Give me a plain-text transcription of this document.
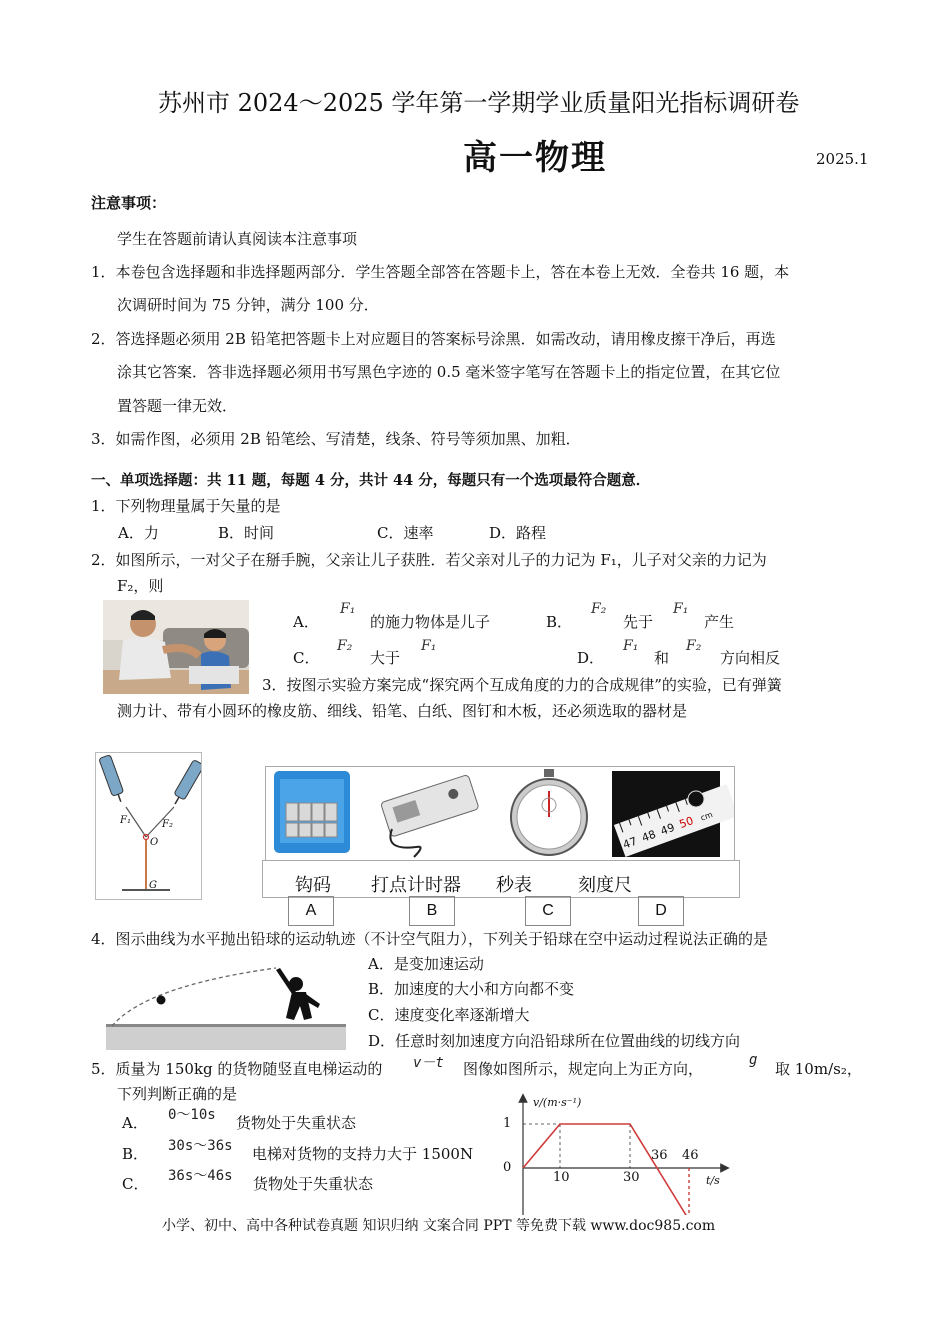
苏州市 2024～2025 学年第一学期学业质量阳光指标调研卷
高一物理	2025.1
注意事项：
学生在答题前请认真阅读本注意事项
1．本卷包含选择题和非选择题两部分．学生答题全部答在答题卡上，答在本卷上无效．全卷共 16 题，本
次调研时间为 75 分钟，满分 100 分．
2．答选择题必须用 2B 铅笔把答题卡上对应题目的答案标号涂黑．如需改动，请用橡皮擦干净后，再选
涂其它答案．答非选择题必须用书写黑色字迹的 0.5 毫米签字笔写在答题卡上的指定位置，在其它位
置答题一律无效．
3．如需作图，必须用 2B 铅笔绘、写清楚，线条、符号等须加黑、加粗．
一、单项选择题：共 11 题，每题 4 分，共计 44 分，每题只有一个选项最符合题意．
1．下列物理量属于矢量的是
A．力	B．时间	C．速率	D．路程
2．如图所示，一对父子在掰手腕，父亲让儿子获胜．若父亲对儿子的力记为 F₁，儿子对父亲的力记为
F₂，则
A．
F₁
的施力物体是儿子	B．
F₂
先于
F₁
产生
C．
F₂
大于
F₁
D．
F₁
和
F₂
方向相反
3．按图示实验方案完成“探究两个互成角度的力的合成规律”的实验，已有弹簧
测力计、带有小圆环的橡皮筋、细线、铅笔、白纸、图钉和木板，还必须选取的器材是
F₁	F₂
O
G
47 48 49 50 cm
钩码 打点计时器 秒表	刻度尺
A	B	C	D
4．图示曲线为水平抛出铅球的运动轨迹（不计空气阻力），下列关于铅球在空中运动过程说法正确的是
A．是变加速运动
B．加速度的大小和方向都不变
C．速度变化率逐渐增大
D．任意时刻加速度方向沿铅球所在位置曲线的切线方向
5．质量为 150kg 的货物随竖直电梯运动的 v－t 图像如图所示，规定向上为正方向，	g 取 10m/s₂，
下列判断正确的是
A． 0～10s 货物处于失重状态
B． 30s～36s 电梯对货物的支持力大于 1500N
C． 36s～46s 货物处于失重状态
v/(m·s⁻¹)
1
0
10	30
36 46
t/s
小学、初中、高中各种试卷真题 知识归纳 文案合同 PPT 等免费下载 www.doc985.com
